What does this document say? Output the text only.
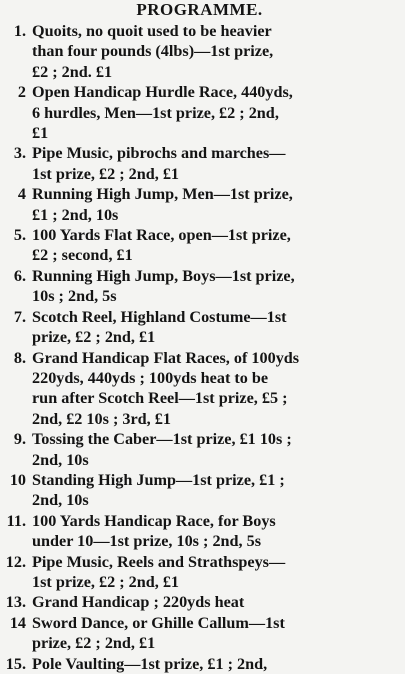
PROGRAMME.
1. Quoits, no quoit used to be heavier
than four pounds (4lbs)—1st prize,
£2 ; 2nd. £1
2 Open Handicap Hurdle Race, 440yds,
6 hurdles, Men—1st prize, £2 ; 2nd,
£1
3. Pipe Music, pibrochs and marches—
1st prize, £2 ; 2nd, £1
4 Running High Jump, Men—1st prize,
£1 ; 2nd, 10s
5. 100 Yards Flat Race, open—1st prize,
£2 ; second, £1
6. Running High Jump, Boys—1st prize,
10s ; 2nd, 5s
7. Scotch Reel, Highland Costume—1st
prize, £2 ; 2nd, £1
8. Grand Handicap Flat Races, of 100yds
220yds, 440yds ; 100yds heat to be
run after Scotch Reel—1st prize, £5 ;
2nd, £2 10s ; 3rd, £1
9. Tossing the Caber—1st prize, £1 10s ;
2nd, 10s
10 Standing High Jump—1st prize, £1 ;
2nd, 10s
11. 100 Yards Handicap Race, for Boys
under 10—1st prize, 10s ; 2nd, 5s
12. Pipe Music, Reels and Strathspeys—
1st prize, £2 ; 2nd, £1
13. Grand Handicap ; 220yds heat
14 Sword Dance, or Ghille Callum—1st
prize, £2 ; 2nd, £1
15. Pole Vaulting—1st prize, £1 ; 2nd,
